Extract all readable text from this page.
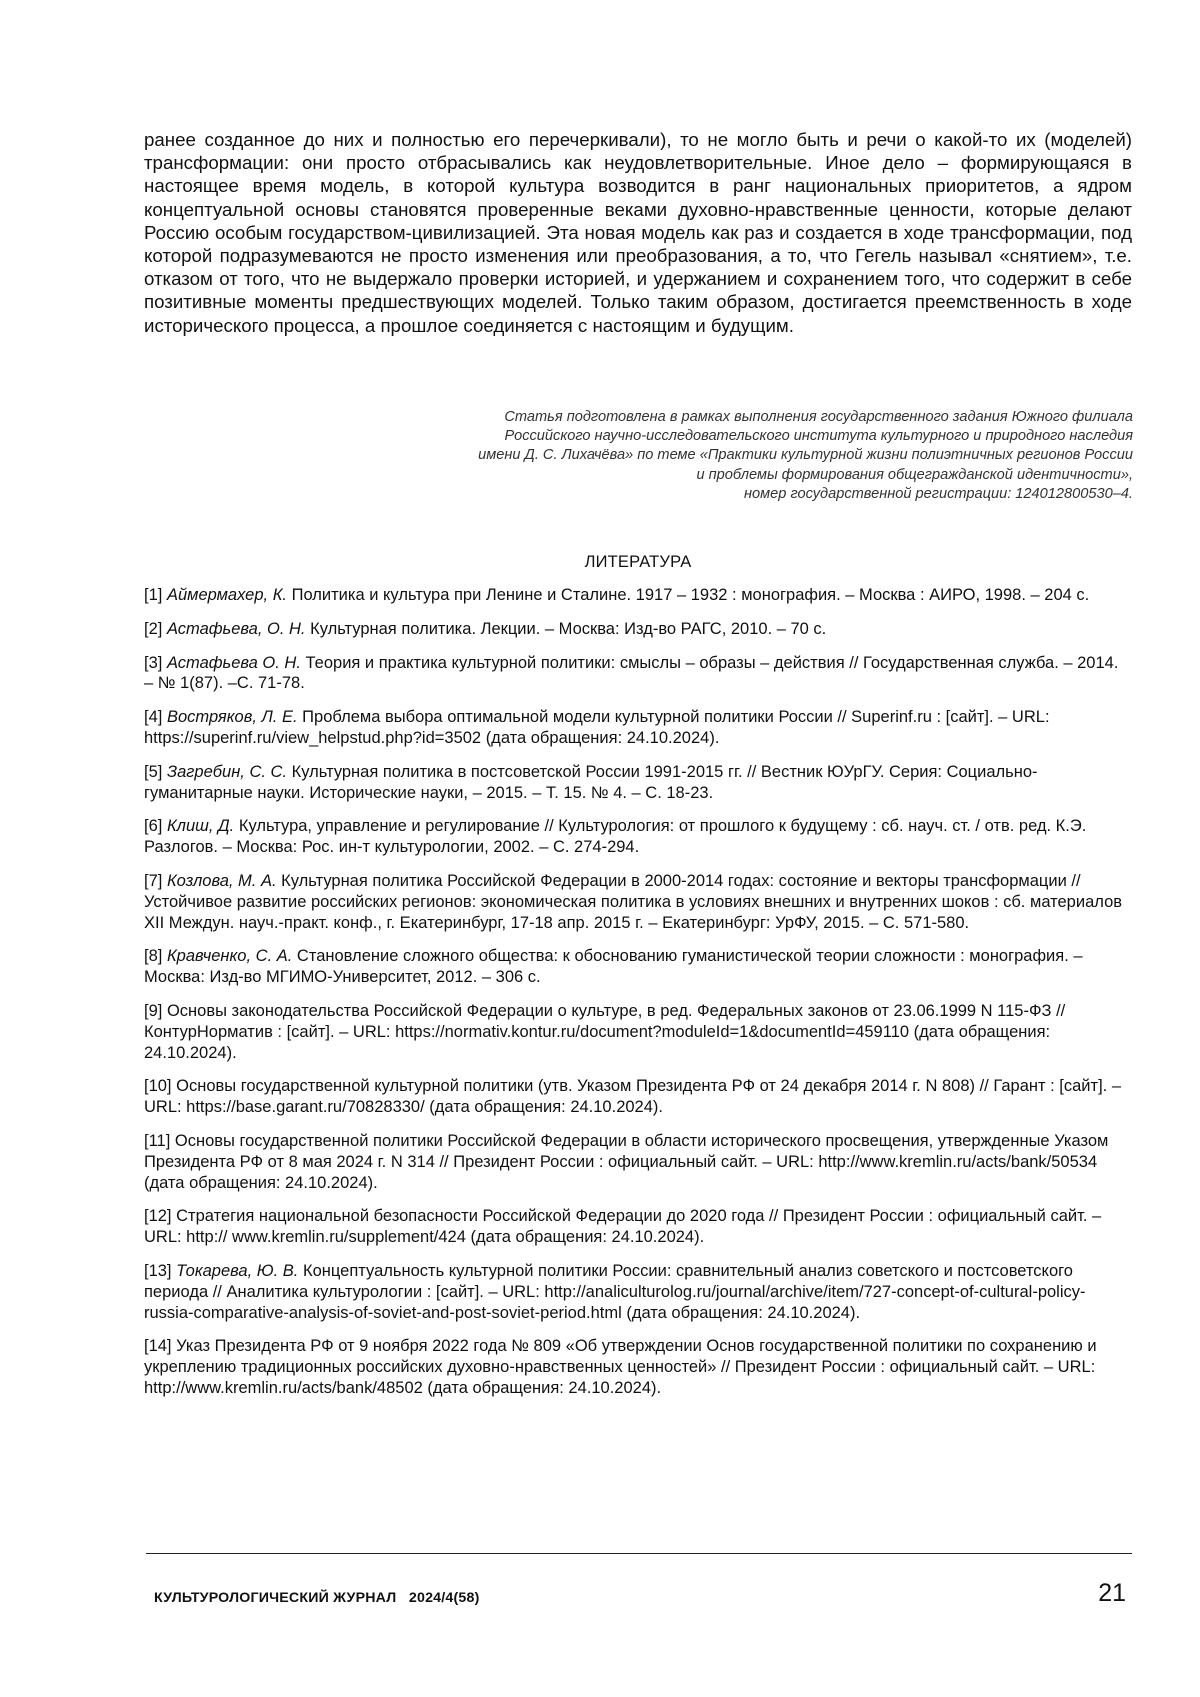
ранее созданное до них и полностью его перечеркивали), то не могло быть и речи о какой-то их (моделей) трансформации: они просто отбрасывались как неудовлетворительные. Иное дело – формирующаяся в настоящее время модель, в которой культура возводится в ранг национальных приоритетов, а ядром концептуальной основы становятся проверенные веками духовно-нравственные ценности, которые делают Россию особым государством-цивилизацией. Эта новая модель как раз и создается в ходе трансформации, под которой подразумеваются не просто изменения или преобразования, а то, что Гегель называл «снятием», т.е. отказом от того, что не выдержало проверки историей, и удержанием и сохранением того, что содержит в себе позитивные моменты предшествующих моделей. Только таким образом, достигается преемственность в ходе исторического процесса, а прошлое соединяется с настоящим и будущим.

Статья подготовлена в рамках выполнения государственного задания Южного филиала
Российского научно-исследовательского института культурного и природного наследия
имени Д. С. Лихачёва» по теме «Практики культурной жизни полиэтничных регионов России
и проблемы формирования общегражданской идентичности»,
номер государственной регистрации: 124012800530–4.
ЛИТЕРАТУРА

[1] Аймермахер, К. Политика и культура при Ленине и Сталине. 1917 – 1932 : монография. – Москва : АИРО, 1998. – 204 с.

[2] Астафьева, О. Н. Культурная политика. Лекции. – Москва: Изд-во РАГС, 2010. – 70 с.

[3] Астафьева О. Н. Теория и практика культурной политики: смыслы – образы – действия // Государственная служба. – 2014. – № 1(87). –С. 71-78.

[4] Востряков, Л. Е. Проблема выбора оптимальной модели культурной политики России // Superinf.ru : [сайт]. – URL: https://superinf.ru/view_helpstud.php?id=3502 (дата обращения: 24.10.2024).

[5] Загребин, С. С. Культурная политика в постсоветской России 1991-2015 гг. // Вестник ЮУрГУ. Серия: Социально-гуманитарные науки. Исторические науки, – 2015. – Т. 15. № 4. – С. 18-23.

[6] Клиш, Д. Культура, управление и регулирование // Культурология: от прошлого к будущему : сб. науч. ст. / отв. ред. К.Э. Разлогов. – Москва: Рос. ин-т культурологии, 2002. – С. 274-294.

[7] Козлова, М. А. Культурная политика Российской Федерации в 2000-2014 годах: состояние и векторы трансформации // Устойчивое развитие российских регионов: экономическая политика в условиях внешних и внутренних шоков : сб. материалов XII Междун. науч.-практ. конф., г. Екатеринбург, 17-18 апр. 2015 г. – Екатеринбург: УрФУ, 2015. – С. 571-580.

[8] Кравченко, С. А. Становление сложного общества: к обоснованию гуманистической теории сложности : монография. – Москва: Изд-во МГИМО-Университет, 2012. – 306 с.

[9] Основы законодательства Российской Федерации о культуре, в ред. Федеральных законов от 23.06.1999 N 115-ФЗ // КонтурНорматив : [сайт]. – URL: https://normativ.kontur.ru/document?moduleId=1&documentId=459110 (дата обращения: 24.10.2024).

[10] Основы государственной культурной политики (утв. Указом Президента РФ от 24 декабря 2014 г. N 808) // Гарант : [сайт]. – URL: https://base.garant.ru/70828330/ (дата обращения: 24.10.2024).

[11] Основы государственной политики Российской Федерации в области исторического просвещения, утвержденные Указом Президента РФ от 8 мая 2024 г. N 314 // Президент России : официальный сайт. – URL: http://www.kremlin.ru/acts/bank/50534 (дата обращения: 24.10.2024).

[12] Стратегия национальной безопасности Российской Федерации до 2020 года // Президент России : официальный сайт. – URL: http:// www.kremlin.ru/supplement/424 (дата обращения: 24.10.2024).

[13] Токарева, Ю. В. Концептуальность культурной политики России: сравнительный анализ советского и постсоветского периода // Аналитика культурологии : [сайт]. – URL: http://analiculturolog.ru/journal/archive/item/727-concept-of-cultural-policy-russia-comparative-analysis-of-soviet-and-post-soviet-period.html (дата обращения: 24.10.2024).

[14] Указ Президента РФ от 9 ноября 2022 года № 809 «Об утверждении Основ государственной политики по сохранению и укреплению традиционных российских духовно-нравственных ценностей» // Президент России : официальный сайт. – URL: http://www.kremlin.ru/acts/bank/48502 (дата обращения: 24.10.2024).

КУЛЬТУРОЛОГИЧЕСКИЙ ЖУРНАЛ 2024/4(58)	21
